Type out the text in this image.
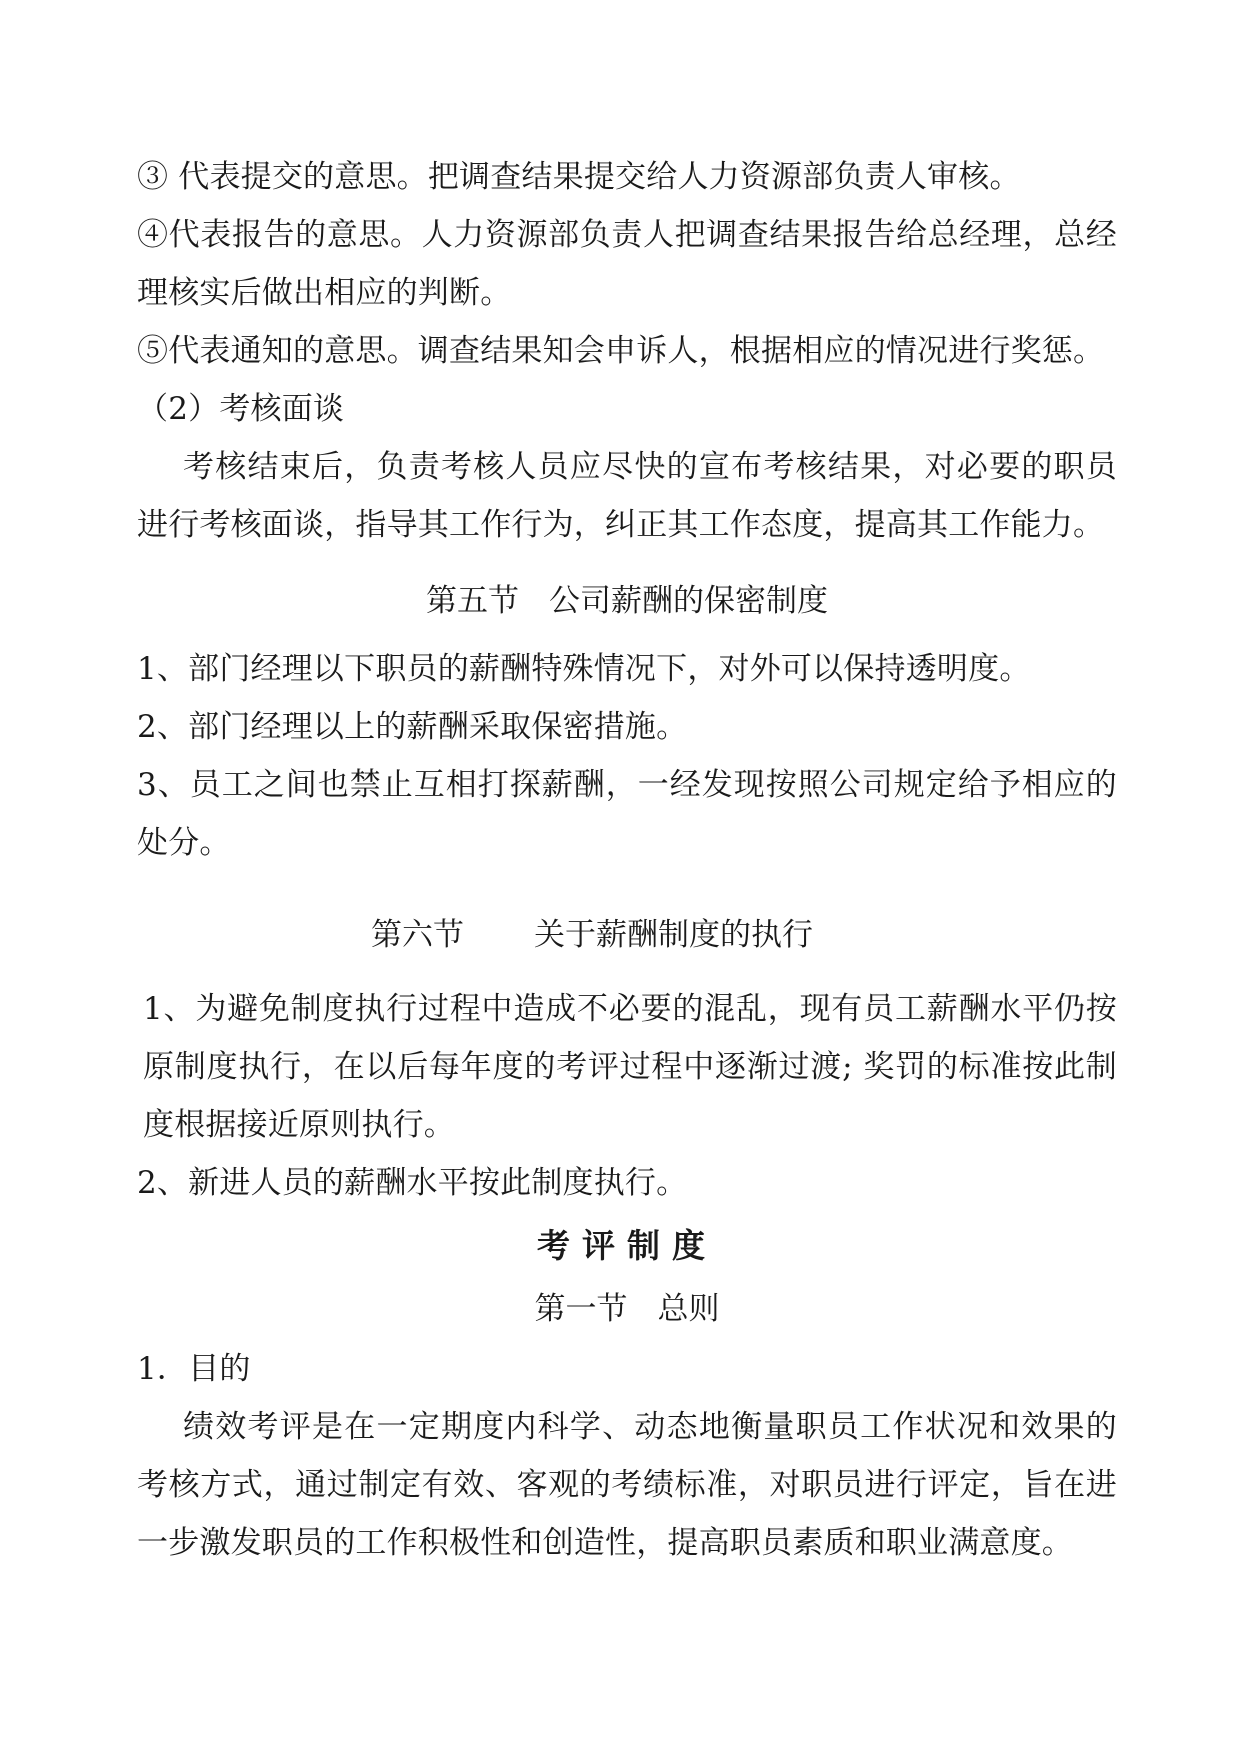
③ 代表提交的意思。把调查结果提交给人力资源部负责人审核。

④代表报告的意思。人力资源部负责人把调查结果报告给总经理，总经理核实后做出相应的判断。

⑤代表通知的意思。调查结果知会申诉人，根据相应的情况进行奖惩。

（2）考核面谈

考核结束后，负责考核人员应尽快的宣布考核结果，对必要的职员进行考核面谈，指导其工作行为，纠正其工作态度，提高其工作能力。

第五节 公司薪酬的保密制度

1、部门经理以下职员的薪酬特殊情况下，对外可以保持透明度。

2、部门经理以上的薪酬采取保密措施。

3、员工之间也禁止互相打探薪酬，一经发现按照公司规定给予相应的处分。

第六节 关于薪酬制度的执行

1、为避免制度执行过程中造成不必要的混乱，现有员工薪酬水平仍按原制度执行，在以后每年度的考评过程中逐渐过渡; 奖罚的标准按此制度根据接近原则执行。

2、新进人员的薪酬水平按此制度执行。

考评制度
第一节 总则

1．目的

绩效考评是在一定期度内科学、动态地衡量职员工作状况和效果的考核方式，通过制定有效、客观的考绩标准，对职员进行评定，旨在进一步激发职员的工作积极性和创造性，提高职员素质和职业满意度。
